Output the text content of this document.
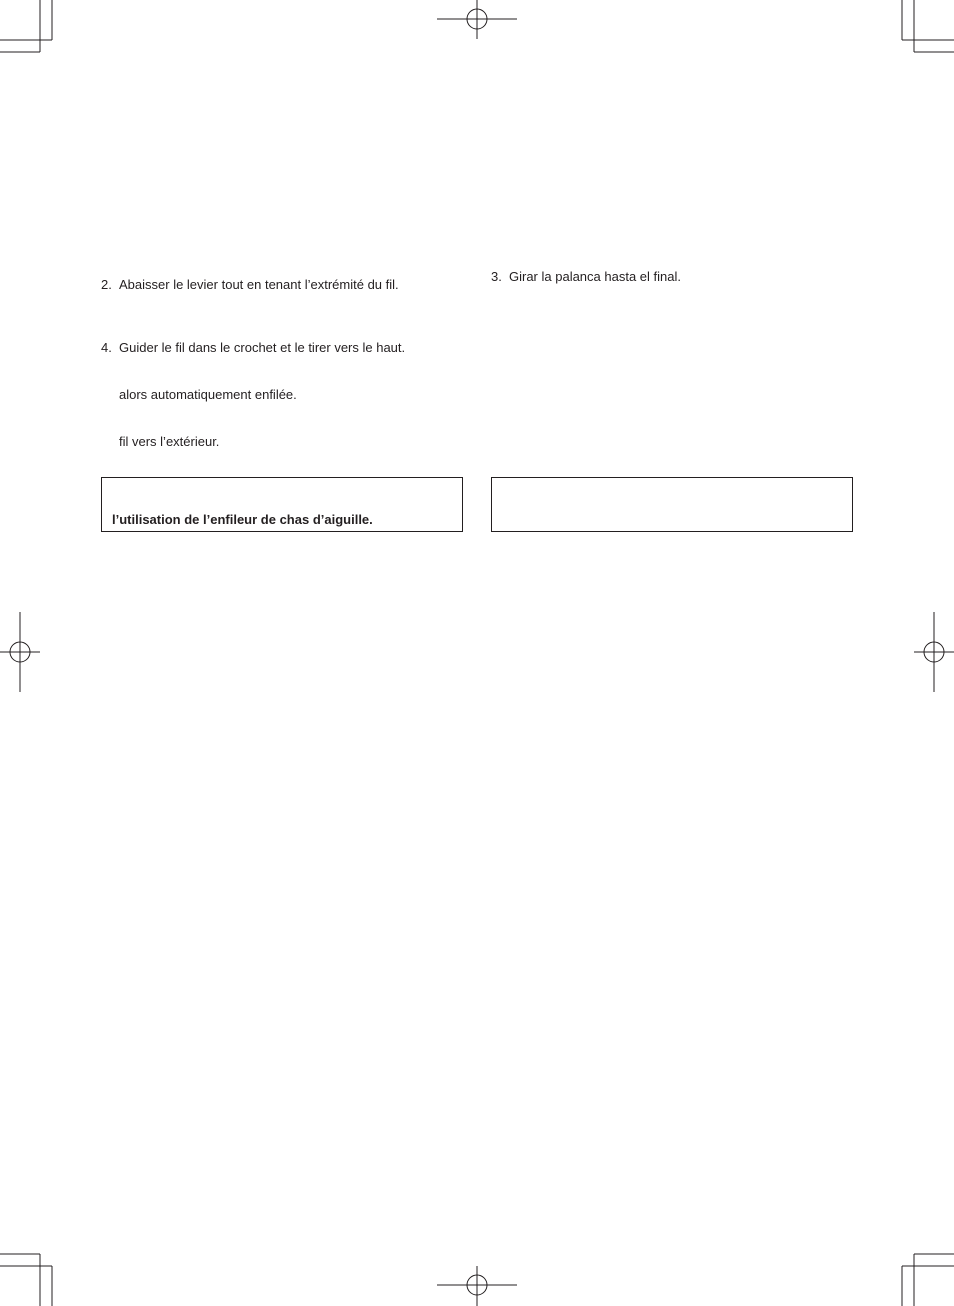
2. Abaisser le levier tout en tenant l’extrémité du fil.
4. Guider le fil dans le crochet et le tirer vers le haut.
alors automatiquement enfilée.
fil vers l’extérieur.
l’utilisation de l’enfileur de chas d’aiguille.
3. Girar la palanca hasta el final.
